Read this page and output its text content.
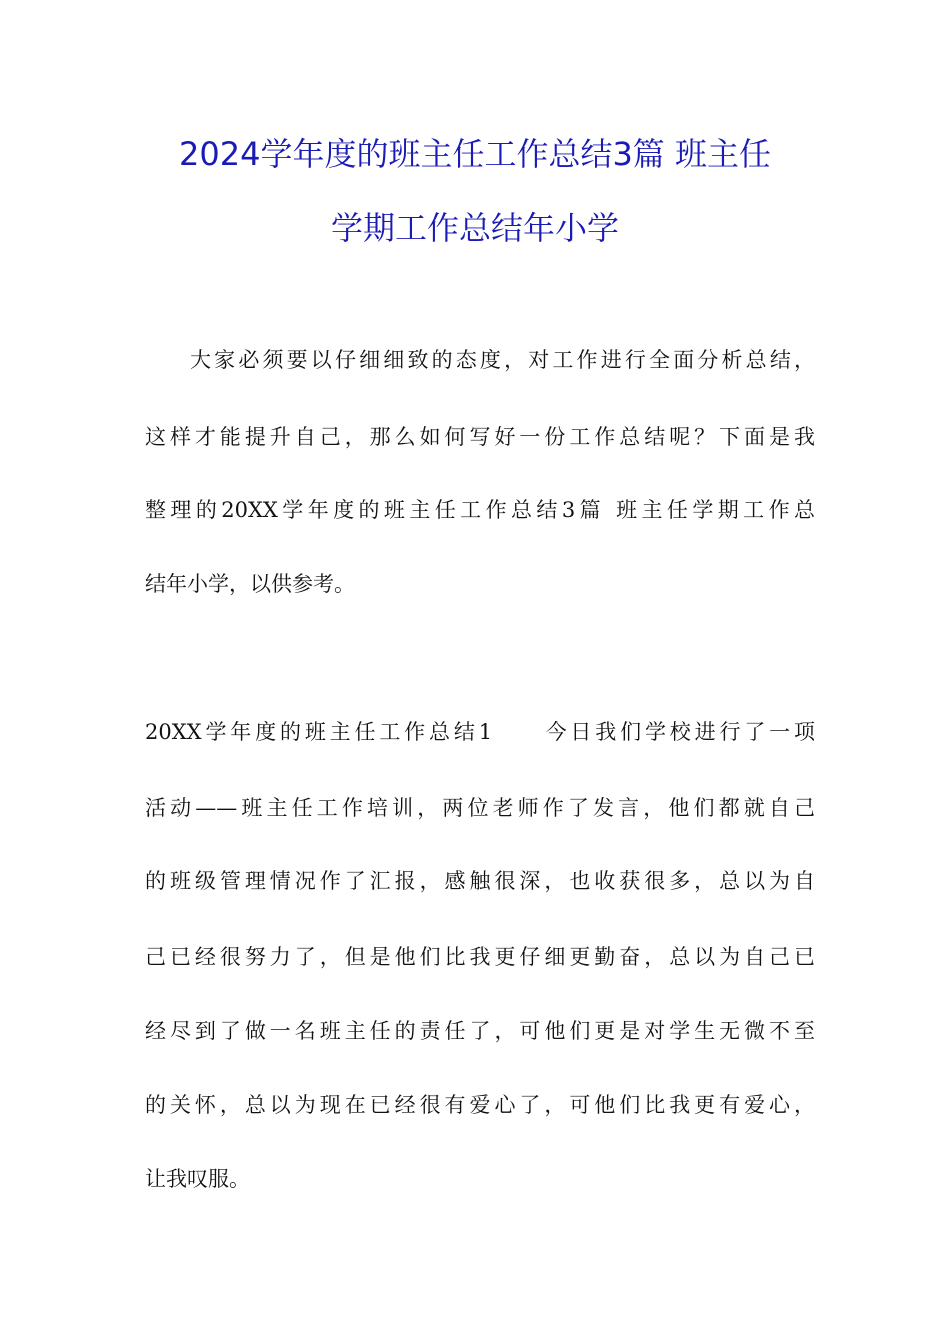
2024学年度的班主任工作总结3篇 班主任
学期工作总结年小学
大家必须要以仔细细致的态度，对工作进行全面分析总结，
这样才能提升自己，那么如何写好一份工作总结呢？下面是我
整理的20XX学年度的班主任工作总结3篇 班主任学期工作总
结年小学，以供参考。
20XX学年度的班主任工作总结1　　今日我们学校进行了一项
活动——班主任工作培训，两位老师作了发言，他们都就自己
的班级管理情况作了汇报，感触很深，也收获很多，总以为自
己已经很努力了，但是他们比我更仔细更勤奋，总以为自己已
经尽到了做一名班主任的责任了，可他们更是对学生无微不至
的关怀，总以为现在已经很有爱心了，可他们比我更有爱心，
让我叹服。
